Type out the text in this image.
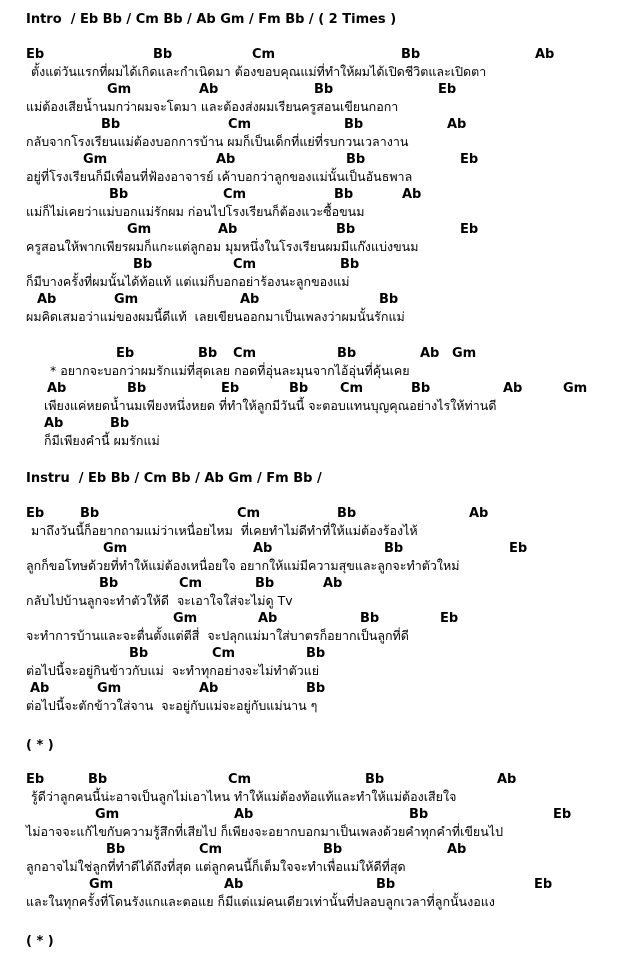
Intro  / Eb Bb / Cm Bb / Ab Gm / Fm Bb / ( 2 Times )
Eb	Bb	Cm	Bb	Ab
ตั้งแต่วันแรกที่ผมได้เกิดและกำเนิดมา ต้องขอบคุณแม่ที่ทำให้ผมได้เปิดชีวิตและเปิดตา
Gm	Ab	Bb	Eb
แม่ต้องเสียน้ำนมกว่าผมจะโตมา และต้องส่งผมเรียนครูสอนเขียนกอกา
Bb	Cm	Bb	Ab
กลับจากโรงเรียนแม่ต้องบอกการบ้าน ผมก็เป็นเด็กที่แย่ที่รบกวนเวลางาน
Gm	Ab	Bb	Eb
อยู่ที่โรงเรียนก็มีเพื่อนที่ฟ้องอาจารย์ เค้าบอกว่าลูกของแม่นั้นเป็นอันธพาล
Bb	Cm	Bb	Ab
แม่ก็ไม่เคยว่าแม่บอกแม่รักผม ก่อนไปโรงเรียนก็ต้องแวะซื้อขนม
Gm	Ab	Bb	Eb
ครูสอนให้พากเพียรผมก็แกะแต่ลูกอม มุมหนึ่งในโรงเรียนผมมีแก๊งแบ่งขนม
Bb	Cm	Bb
ก็มีบางครั้งที่ผมนั้นได้ท้อแท้ แต่แม่ก็บอกอย่าร้องนะลูกของแม่
Ab	Gm	Ab	Bb
ผมคิดเสมอว่าแม่ของผมนี้ดีแท้  เลยเขียนออกมาเป็นเพลงว่าผมนั้นรักแม่
Eb	Bb Cm	Bb	Ab Gm
* อยากจะบอกว่าผมรักแม่ที่สุดเลย กอดที่อุ่นละมุนจากไอ้อุ่นที่คุ้นเคย
Ab	Bb	Eb	Bb Cm	Bb	Ab	Gm
เพียงแค่หยดน้ำนมเพียงหนึ่งหยด ที่ทำให้ลูกมีวันนี้ จะตอบแทนบุญคุณอย่างไรให้ท่านดี
Ab	Bb
ก็มีเพียงคำนี้ ผมรักแม่
Instru  / Eb Bb / Cm Bb / Ab Gm / Fm Bb /
Eb	Bb	Cm	Bb	Ab
มาถึงวันนี้ก็อยากถามแม่ว่าเหนื่อยไหม  ที่เคยทำไม่ดีทำที่ให้แม่ต้องร้องไห้
Gm	Ab	Bb	Eb
ลูกก็ขอโทษด้วยที่ทำให้แม่ต้องเหนื่อยใจ อยากให้แม่มีความสุขและลูกจะทำตัวใหม่
Bb	Cm	Bb	Ab
กลับไปบ้านลูกจะทำตัวให้ดี  จะเอาใจใส่จะไม่ดู Tv
Gm	Ab	Bb	Eb
จะทำการบ้านและจะตื่นตั้งแต่ตีสี่  จะปลุกแม่มาใส่บาตรก็อยากเป็นลูกที่ดี
Bb	Cm	Bb
ต่อไปนี้จะอยู่กินข้าวกับแม่  จะทำทุกอย่างจะไม่ทำตัวแย่
Ab	Gm	Ab	Bb
ต่อไปนี้จะตักข้าวใส่จาน  จะอยู่กับแม่จะอยู่กับแม่นาน ๆ
( * )
Eb	Bb	Cm	Bb	Ab
รู้ดีว่าลูกคนนี้น่ะอาจเป็นลูกไม่เอาไหน ทำให้แม่ต้องท้อแท้และทำให้แม่ต้องเสียใจ
Gm	Ab	Bb	Eb
ไม่อาจจะแก้ไขกับความรู้สึกที่เสียไป ก็เพียงจะอยากบอกมาเป็นเพลงด้วยคำทุกคำที่เขียนไป
Bb	Cm	Bb	Ab
ลูกอาจไม่ใช่ลูกที่ทำดีได้ถึงที่สุด แต่ลูกคนนี้ก็เต็มใจจะทำเพื่อแม่ให้ดีที่สุด
Gm	Ab	Bb	Eb
และในทุกครั้งที่โดนรังแกและตอแย ก็มีแต่แม่คนเดียวเท่านั้นที่ปลอบลูกเวลาที่ลูกนั้นงอแง
( * )
